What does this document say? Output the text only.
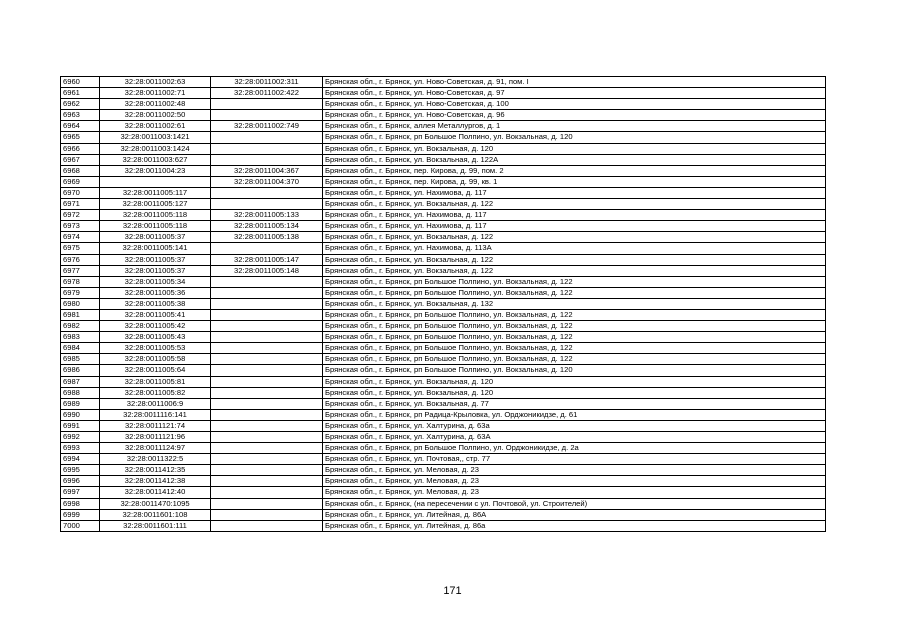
6960	32:28:0011002:63	32:28:0011002:311	Брянская обл., г. Брянск, ул. Ново-Советская, д. 91, пом. I
6961	32:28:0011002:71	32:28:0011002:422	Брянская обл., г. Брянск, ул. Ново-Советская, д. 97
6962	32:28:0011002:48		Брянская обл., г. Брянск, ул. Ново-Советская, д. 100
6963	32:28:0011002:50		Брянская обл., г. Брянск, ул. Ново-Советская, д. 96
6964	32:28:0011002:61	32:28:0011002:749	Брянская обл., г. Брянск, аллея Металлургов, д. 1
6965	32:28:0011003:1421		Брянская обл., г. Брянск, рп Большое Полпино, ул. Вокзальная, д. 120
6966	32:28:0011003:1424		Брянская обл., г. Брянск, ул. Вокзальная, д. 120
6967	32:28:0011003:627		Брянская обл., г. Брянск, ул. Вокзальная, д. 122А
6968	32:28:0011004:23	32:28:0011004:367	Брянская обл., г. Брянск, пер. Кирова, д. 99, пом. 2
6969		32:28:0011004:370	Брянская обл., г. Брянск, пер. Кирова, д. 99, кв. 1
6970	32:28:0011005:117		Брянская обл., г. Брянск, ул. Нахимова, д. 117
6971	32:28:0011005:127		Брянская обл., г. Брянск, ул. Вокзальная, д. 122
6972	32:28:0011005:118	32:28:0011005:133	Брянская обл., г. Брянск, ул. Нахимова, д. 117
6973	32:28:0011005:118	32:28:0011005:134	Брянская обл., г. Брянск, ул. Нахимова, д. 117
6974	32:28:0011005:37	32:28:0011005:138	Брянская обл., г. Брянск, ул. Вокзальная, д. 122
6975	32:28:0011005:141		Брянская обл., г. Брянск, ул. Нахимова, д. 113А
6976	32:28:0011005:37	32:28:0011005:147	Брянская обл., г. Брянск, ул. Вокзальная, д. 122
6977	32:28:0011005:37	32:28:0011005:148	Брянская обл., г. Брянск, ул. Вокзальная, д. 122
6978	32:28:0011005:34		Брянская обл., г. Брянск, рп Большое Полпино, ул. Вокзальная, д. 122
6979	32:28:0011005:36		Брянская обл., г. Брянск, рп Большое Полпино, ул. Вокзальная, д. 122
6980	32:28:0011005:38		Брянская обл., г. Брянск, ул. Вокзальная, д. 132
6981	32:28:0011005:41		Брянская обл., г. Брянск, рп Большое Полпино, ул. Вокзальная, д. 122
6982	32:28:0011005:42		Брянская обл., г. Брянск, рп Большое Полпино, ул. Вокзальная, д. 122
6983	32:28:0011005:43		Брянская обл., г. Брянск, рп Большое Полпино, ул. Вокзальная, д. 122
6984	32:28:0011005:53		Брянская обл., г. Брянск, рп Большое Полпино, ул. Вокзальная, д. 122
6985	32:28:0011005:58		Брянская обл., г. Брянск, рп Большое Полпино, ул. Вокзальная, д. 122
6986	32:28:0011005:64		Брянская обл., г. Брянск, рп Большое Полпино, ул. Вокзальная, д. 120
6987	32:28:0011005:81		Брянская обл., г. Брянск, ул. Вокзальная, д. 120
6988	32:28:0011005:82		Брянская обл., г. Брянск, ул. Вокзальная, д. 120
6989	32:28:0011006:9		Брянская обл., г. Брянск, ул. Вокзальная, д. 77
6990	32:28:0011116:141		Брянская обл., г. Брянск, рп Радица-Крыловка, ул. Орджоникидзе, д. 61
6991	32:28:0011121:74		Брянская обл., г. Брянск, ул. Халтурина, д. 63а
6992	32:28:0011121:96		Брянская обл., г. Брянск, ул. Халтурина, д. 63А
6993	32:28:0011124:97		Брянская обл., г. Брянск, рп Большое Полпино, ул. Орджоникидзе, д. 2а
6994	32:28:0011322:5		Брянская обл., г. Брянск, ул. Почтовая,, стр. 77
6995	32:28:0011412:35		Брянская обл., г. Брянск, ул. Меловая, д. 23
6996	32:28:0011412:38		Брянская обл., г. Брянск, ул. Меловая, д. 23
6997	32:28:0011412:40		Брянская обл., г. Брянск, ул. Меловая, д. 23
6998	32:28:0011470:1095		Брянская обл., г. Брянск, (на пересечении с ул. Почтовой, ул. Строителей)
6999	32:28:0011601:108		Брянская обл., г. Брянск, ул. Литейная, д. 86А
7000	32:28:0011601:111		Брянская обл., г. Брянск, ул. Литейная, д. 86а
171
